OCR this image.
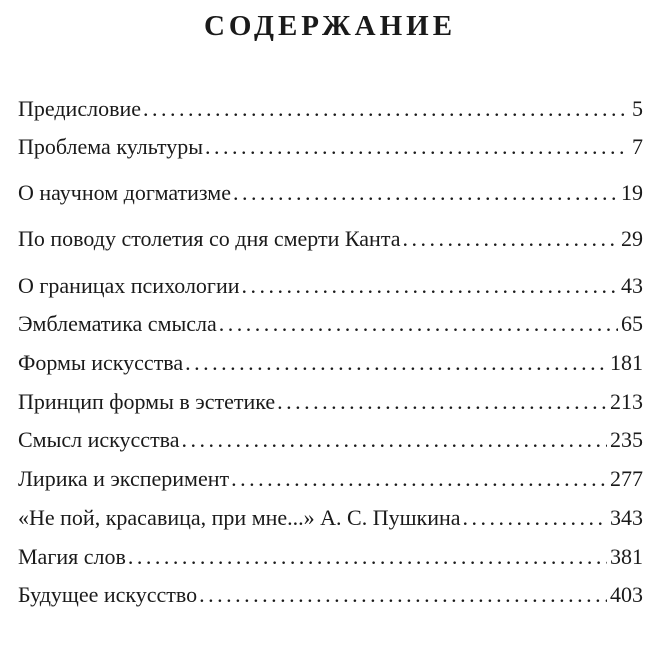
СОДЕРЖАНИЕ
Предисловие . . .	5
Проблема культуры . . .	7
О научном догматизме . . .	19
По поводу столетия со дня смерти Канта . . .	29
О границах психологии . . .	43
Эмблематика смысла . . .	65
Формы искусства . . .	181
Принцип формы в эстетике . . .	213
Смысл искусства . . .	235
Лирика и эксперимент . . .	277
«Не пой, красавица, при мне...» А. С. Пушкина . . .	343
Магия слов . . .	381
Будущее искусство . . .	403
